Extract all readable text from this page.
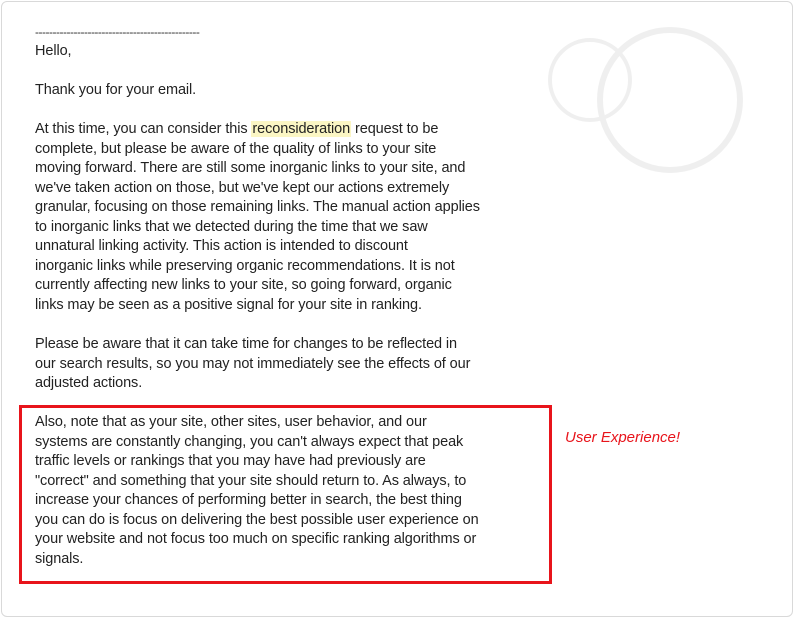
-----------------------------------------------
Hello,
Thank you for your email.
At this time, you can consider this reconsideration request to be
complete, but please be aware of the quality of links to your site
moving forward. There are still some inorganic links to your site, and
we've taken action on those, but we've kept our actions extremely
granular, focusing on those remaining links. The manual action applies
to inorganic links that we detected during the time that we saw
unnatural linking activity. This action is intended to discount
inorganic links while preserving organic recommendations. It is not
currently affecting new links to your site, so going forward, organic
links may be seen as a positive signal for your site in ranking.
Please be aware that it can take time for changes to be reflected in
our search results, so you may not immediately see the effects of our
adjusted actions.
Also, note that as your site, other sites, user behavior, and our
systems are constantly changing, you can't always expect that peak
traffic levels or rankings that you may have had previously are
"correct" and something that your site should return to. As always, to
increase your chances of performing better in search, the best thing
you can do is focus on delivering the best possible user experience on
your website and not focus too much on specific ranking algorithms or
signals.
User Experience!
